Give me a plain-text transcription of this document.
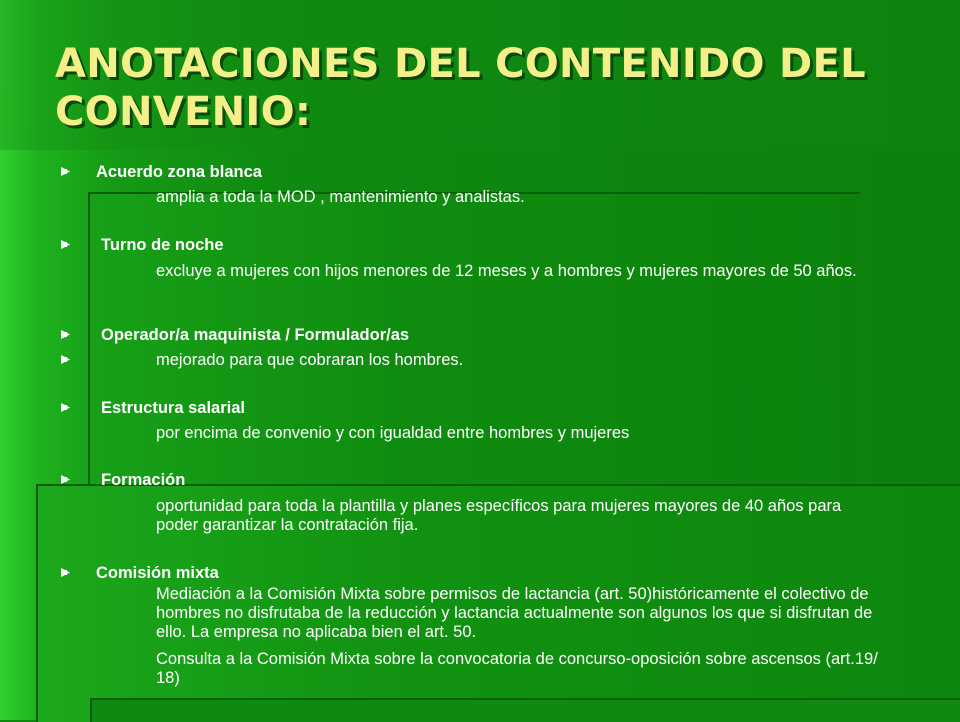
ANOTACIONES DEL CONTENIDO DEL CONVENIO:
Acuerdo zona blanca
amplia a toda la MOD , mantenimiento y analistas.
Turno de noche
excluye a mujeres con hijos menores de 12 meses y a hombres y mujeres mayores de 50 años.
Operador/a maquinista / Formulador/as
mejorado para que cobraran los hombres.
Estructura salarial
por encima de convenio y con igualdad entre hombres y mujeres
Formación
oportunidad para toda la plantilla y planes específicos para mujeres mayores de 40 años para poder garantizar la contratación fija.
Comisión mixta
Mediación a la Comisión Mixta sobre permisos de lactancia (art. 50)históricamente el colectivo de hombres no disfrutaba de la reducción y lactancia actualmente son algunos los que si disfrutan de ello. La empresa no aplicaba bien el art. 50.
Consulta a la Comisión Mixta sobre la convocatoria de concurso-oposición sobre ascensos (art.19/ 18)
